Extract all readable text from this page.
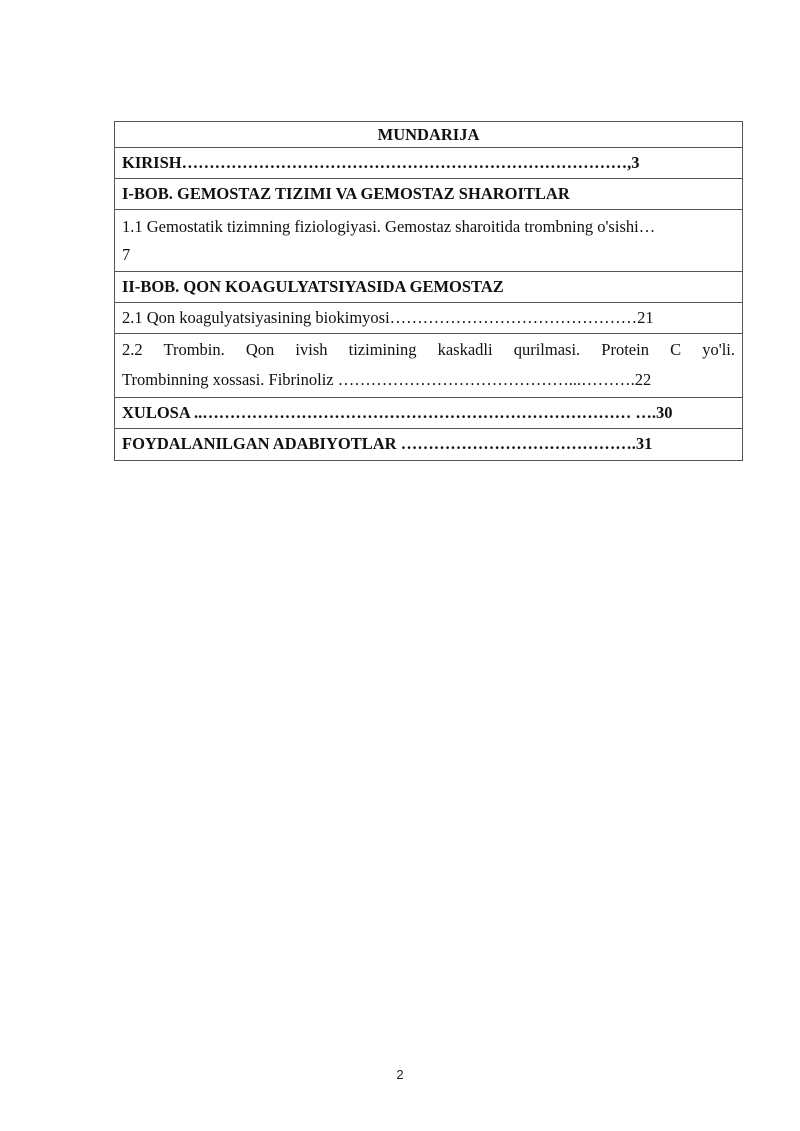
MUNDARIJA
KIRISH………………………………………………………………………,3
I-BOB. GEMOSTAZ TIZIMI VA GEMOSTAZ SHAROITLAR
1.1 Gemostatik tizimning fiziologiyasi. Gemostaz sharoitida trombning o'sishi…
7
II-BOB. QON KOAGULYATSIYASIDA GEMOSTAZ
2.1 Qon koagulyatsiyasining biokimyosi………………………………………21
2.2 Trombin. Qon ivish tizimining kaskadli qurilmasi. Protein C yo'li.
Trombinning xossasi. Fibrinoliz ……………………………………...……….22
XULOSA ..…………………………………………………………………… ….30
FOYDALANILGAN ADABIYOTLAR …………………………………….31
2
